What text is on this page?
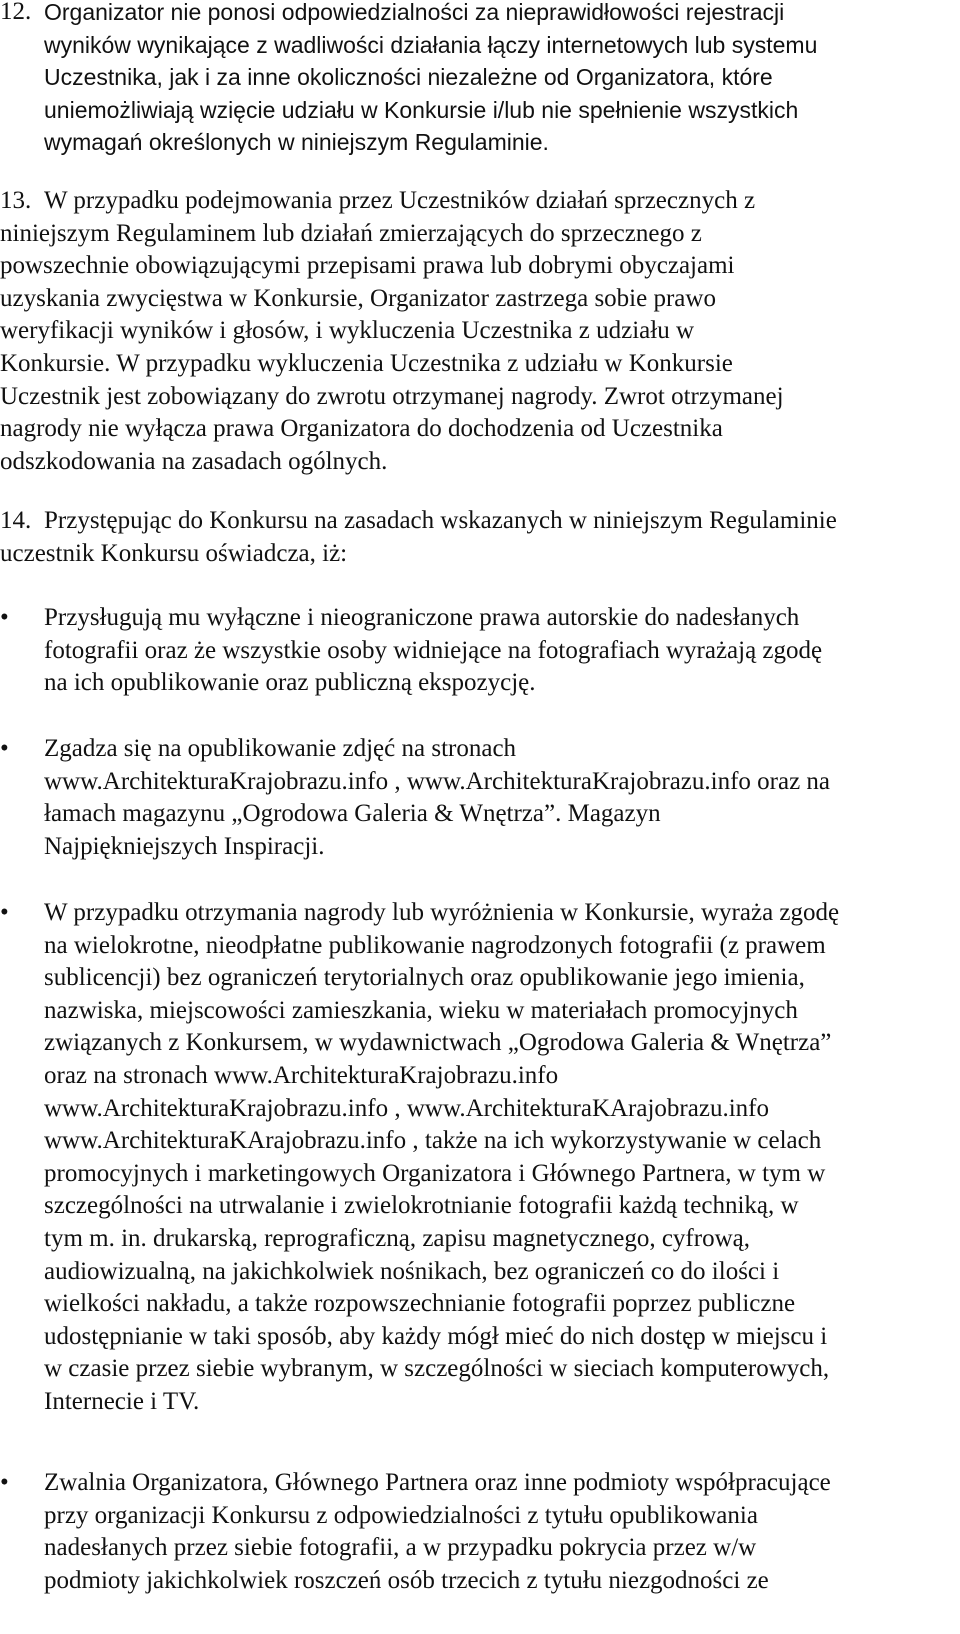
12. Organizator nie ponosi odpowiedzialności za nieprawidłowości rejestracji
wyników wynikające z wadliwości działania łączy internetowych lub systemu
Uczestnika, jak i za inne okoliczności niezależne od Organizatora, które
uniemożliwiają wzięcie udziału w Konkursie i/lub nie spełnienie wszystkich
wymagań określonych w niniejszym Regulaminie.
13. W przypadku podejmowania przez Uczestników działań sprzecznych z
niniejszym Regulaminem lub działań zmierzających do sprzecznego z
powszechnie obowiązującymi przepisami prawa lub dobrymi obyczajami
uzyskania zwycięstwa w Konkursie, Organizator zastrzega sobie prawo
weryfikacji wyników i głosów, i wykluczenia Uczestnika z udziału w
Konkursie. W przypadku wykluczenia Uczestnika z udziału w Konkursie
Uczestnik jest zobowiązany do zwrotu otrzymanej nagrody. Zwrot otrzymanej
nagrody nie wyłącza prawa Organizatora do dochodzenia od Uczestnika
odszkodowania na zasadach ogólnych.
14. Przystępując do Konkursu na zasadach wskazanych w niniejszym Regulaminie
uczestnik Konkursu oświadcza, iż:
• Przysługują mu wyłączne i nieograniczone prawa autorskie do nadesłanych
fotografii oraz że wszystkie osoby widniejące na fotografiach wyrażają zgodę
na ich opublikowanie oraz publiczną ekspozycję.
• Zgadza się na opublikowanie zdjęć na stronach
www.ArchitekturaKrajobrazu.info , www.ArchitekturaKrajobrazu.info oraz na
łamach magazynu „Ogrodowa Galeria & Wnętrza”. Magazyn
Najpiękniejszych Inspiracji.
• W przypadku otrzymania nagrody lub wyróżnienia w Konkursie, wyraża zgodę
na wielokrotne, nieodpłatne publikowanie nagrodzonych fotografii (z prawem
sublicencji) bez ograniczeń terytorialnych oraz opublikowanie jego imienia,
nazwiska, miejscowości zamieszkania, wieku w materiałach promocyjnych
związanych z Konkursem, w wydawnictwach „Ogrodowa Galeria & Wnętrza”
oraz na stronach www.ArchitekturaKrajobrazu.info
www.ArchitekturaKrajobrazu.info , www.ArchitekturaKArajobrazu.info
www.ArchitekturaKArajobrazu.info , także na ich wykorzystywanie w celach
promocyjnych i marketingowych Organizatora i Głównego Partnera, w tym w
szczególności na utrwalanie i zwielokrotnianie fotografii każdą techniką, w
tym m. in. drukarską, reprograficzną, zapisu magnetycznego, cyfrową,
audiowizualną, na jakichkolwiek nośnikach, bez ograniczeń co do ilości i
wielkości nakładu, a także rozpowszechnianie fotografii poprzez publiczne
udostępnianie w taki sposób, aby każdy mógł mieć do nich dostęp w miejscu i
w czasie przez siebie wybranym, w szczególności w sieciach komputerowych,
Internecie i TV.
• Zwalnia Organizatora, Głównego Partnera oraz inne podmioty współpracujące
przy organizacji Konkursu z odpowiedzialności z tytułu opublikowania
nadesłanych przez siebie fotografii, a w przypadku pokrycia przez w/w
podmioty jakichkolwiek roszczeń osób trzecich z tytułu niezgodności ze
